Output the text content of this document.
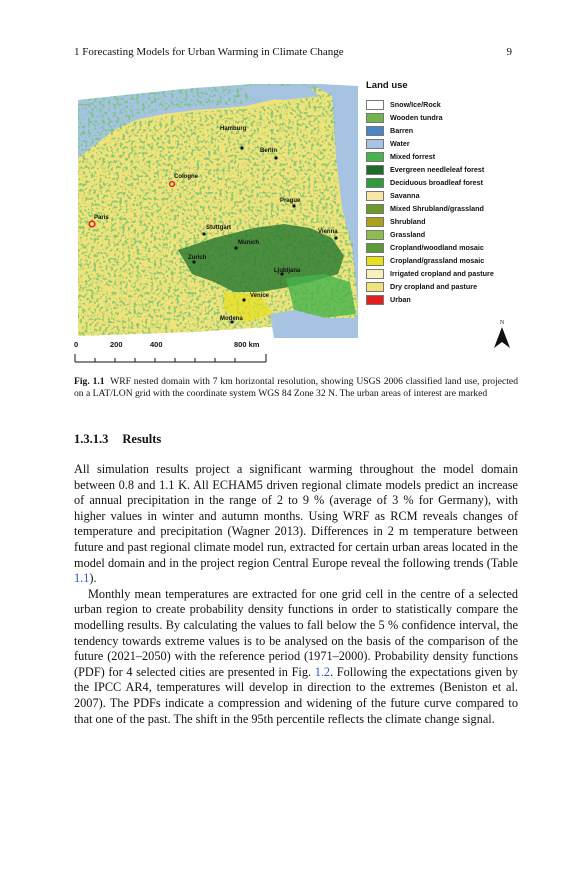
1 Forecasting Models for Urban Warming in Climate Change	9
Hamburg
Berlin
Cologne
Prague
Paris
Stuttgart
Vienna
Munich
Zurich
Ljubljana
Venice
Modena
Land use
Snow/Ice/Rock
Wooden tundra
Barren
Water
Mixed forrest
Evergreen needleleaf forest
Deciduous broadleaf forest
Savanna
Mixed Shrubland/grassland
Shrubland
Grassland
Cropland/woodland mosaic
Cropland/grassland mosaic
Irrigated cropland and pasture
Dry cropland and pasture
Urban
N
0	200	400	800 km
Fig. 1.1 WRF nested domain with 7 km horizontal resolution, showing USGS 2006 classified land use, projected on a LAT/LON grid with the coordinate system WGS 84 Zone 32 N. The urban areas of interest are marked
1.3.1.3 Results

All simulation results project a significant warming throughout the model domain between 0.8 and 1.1 K. All ECHAM5 driven regional climate models predict an increase of annual precipitation in the range of 2 to 9 % (average of 3 % for Germany), with higher values in winter and autumn months. Using WRF as RCM reveals changes of temperature and precipitation (Wagner 2013). Differences in 2 m temperature between future and past regional climate model run, extracted for certain urban areas located in the model domain and in the project region Central Europe reveal the following trends (Table 1.1).

Monthly mean temperatures are extracted for one grid cell in the centre of a selected urban region to create probability density functions in order to statistically compare the modelling results. By calculating the values to fall below the 5 % confidence interval, the tendency towards extreme values is to be analysed on the basis of the comparison of the future (2021–2050) with the reference period (1971–2000). Probability density functions (PDF) for 4 selected cities are presented in Fig. 1.2. Following the expectations given by the IPCC AR4, temperatures will develop in direction to the extremes (Beniston et al. 2007). The PDFs indicate a compression and widening of the future curve compared to that one of the past. The shift in the 95th percentile reflects the climate change signal.
